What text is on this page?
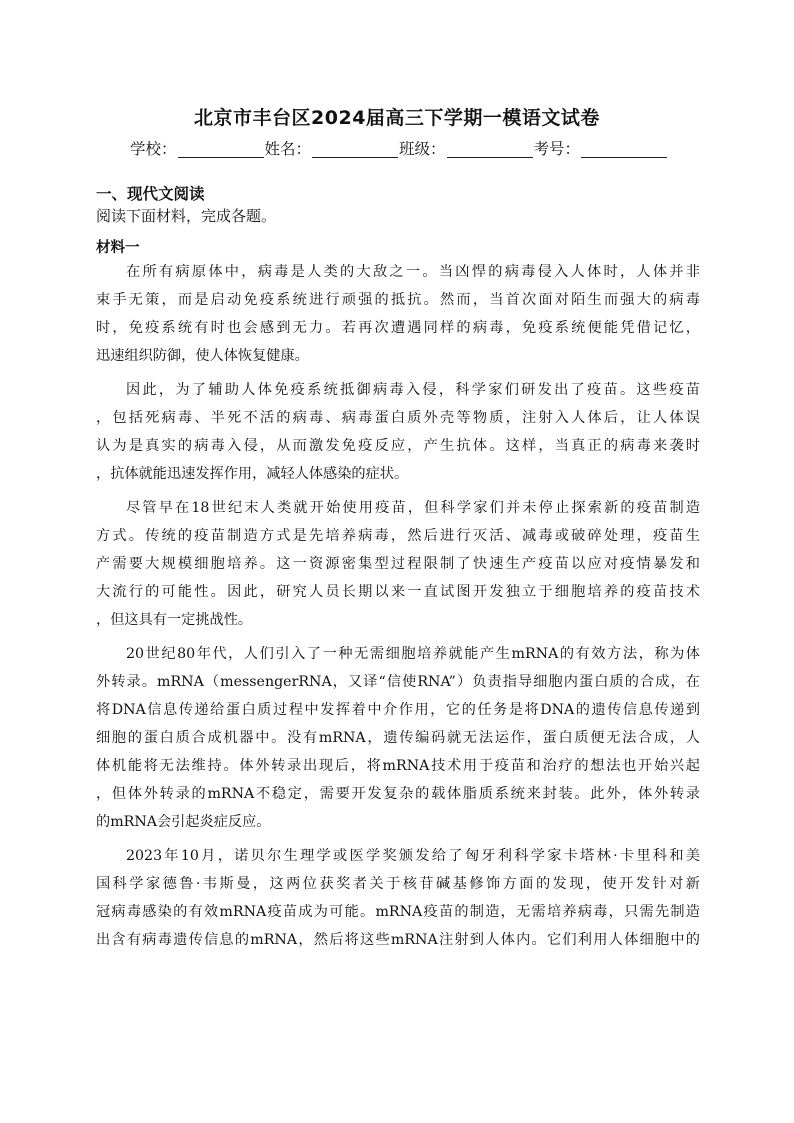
北京市丰台区2024届高三下学期一模语文试卷
学校：	姓名：	班级：	考号：
一、现代文阅读
阅读下面材料，完成各题。
材料一
在所有病原体中，病毒是人类的大敌之一。当凶悍的病毒侵入人体时，人体并非
束手无策，而是启动免疫系统进行顽强的抵抗。然而，当首次面对陌生而强大的病毒
时，免疫系统有时也会感到无力。若再次遭遇同样的病毒，免疫系统便能凭借记忆，
迅速组织防御，使人体恢复健康。
因此，为了辅助人体免疫系统抵御病毒入侵，科学家们研发出了疫苗。这些疫苗
，包括死病毒、半死不活的病毒、病毒蛋白质外壳等物质，注射入人体后，让人体误
认为是真实的病毒入侵，从而激发免疫反应，产生抗体。这样，当真正的病毒来袭时
，抗体就能迅速发挥作用，减轻人体感染的症状。
尽管早在18世纪末人类就开始使用疫苗，但科学家们并未停止探索新的疫苗制造
方式。传统的疫苗制造方式是先培养病毒，然后进行灭活、减毒或破碎处理，疫苗生
产需要大规模细胞培养。这一资源密集型过程限制了快速生产疫苗以应对疫情暴发和
大流行的可能性。因此，研究人员长期以来一直试图开发独立于细胞培养的疫苗技术
，但这具有一定挑战性。
20世纪80年代，人们引入了一种无需细胞培养就能产生mRNA的有效方法，称为体
外转录。mRNA（messengerRNA，又译“信使RNA”）负责指导细胞内蛋白质的合成，在
将DNA信息传递给蛋白质过程中发挥着中介作用，它的任务是将DNA的遗传信息传递到
细胞的蛋白质合成机器中。没有mRNA，遗传编码就无法运作，蛋白质便无法合成，人
体机能将无法维持。体外转录出现后，将mRNA技术用于疫苗和治疗的想法也开始兴起
，但体外转录的mRNA不稳定，需要开发复杂的载体脂质系统来封装。此外，体外转录
的mRNA会引起炎症反应。
2023年10月，诺贝尔生理学或医学奖颁发给了匈牙利科学家卡塔林·卡里科和美
国科学家德鲁·韦斯曼，这两位获奖者关于核苷碱基修饰方面的发现，使开发针对新
冠病毒感染的有效mRNA疫苗成为可能。mRNA疫苗的制造，无需培养病毒，只需先制造
出含有病毒遗传信息的mRNA，然后将这些mRNA注射到人体内。它们利用人体细胞中的
